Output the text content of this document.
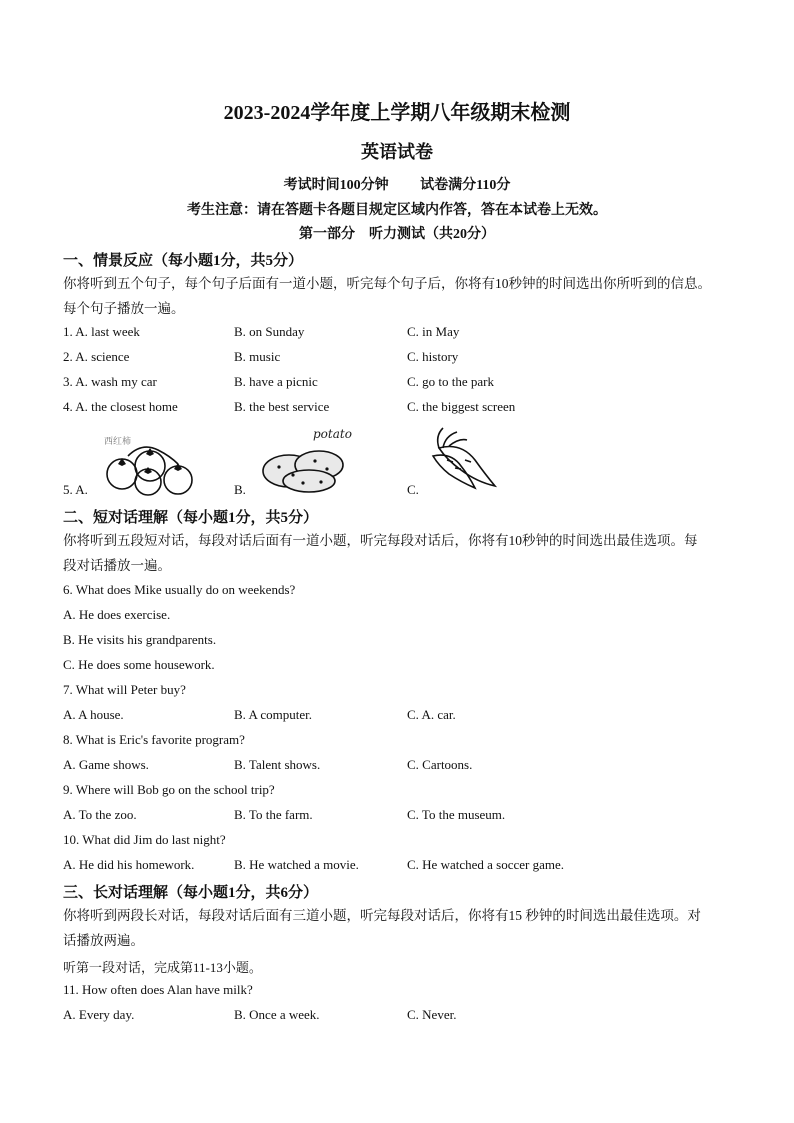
2023-2024学年度上学期八年级期末检测
英语试卷
考试时间100分钟 试卷满分110分
考生注意：请在答题卡各题目规定区域内作答，答在本试卷上无效。
第一部分　听力测试（共20分）
一、情景反应（每小题1分，共5分）
你将听到五个句子，每个句子后面有一道小题，听完每个句子后，你将有10秒钟的时间选出你所听到的信息。
每个句子播放一遍。
1. A. last week	B. on Sunday	C. in May
2. A. science	B. music	C. history
3. A. wash my car	B. have a picnic	C. go to the park
4. A. the closest home	B. the best service	C. the biggest screen
西红柿
potato
5. A.	B.	C.
二、短对话理解（每小题1分，共5分）
你将听到五段短对话，每段对话后面有一道小题，听完每段对话后，你将有10秒钟的时间选出最佳选项。每
段对话播放一遍。
6. What does Mike usually do on weekends?
A. He does exercise.
B. He visits his grandparents.
C. He does some housework.
7. What will Peter buy?
A. A house.	B. A computer.	C. A. car.
8. What is Eric's favorite program?
A. Game shows.	B. Talent shows.	C. Cartoons.
9. Where will Bob go on the school trip?
A. To the zoo.	B. To the farm.	C. To the museum.
10. What did Jim do last night?
A. He did his homework.	B. He watched a movie.	C. He watched a soccer game.
三、长对话理解（每小题1分，共6分）
你将听到两段长对话，每段对话后面有三道小题，听完每段对话后，你将有15 秒钟的时间选出最佳选项。对
话播放两遍。
听第一段对话，完成第11-13小题。
11. How often does Alan have milk?
A. Every day.	B. Once a week.	C. Never.
